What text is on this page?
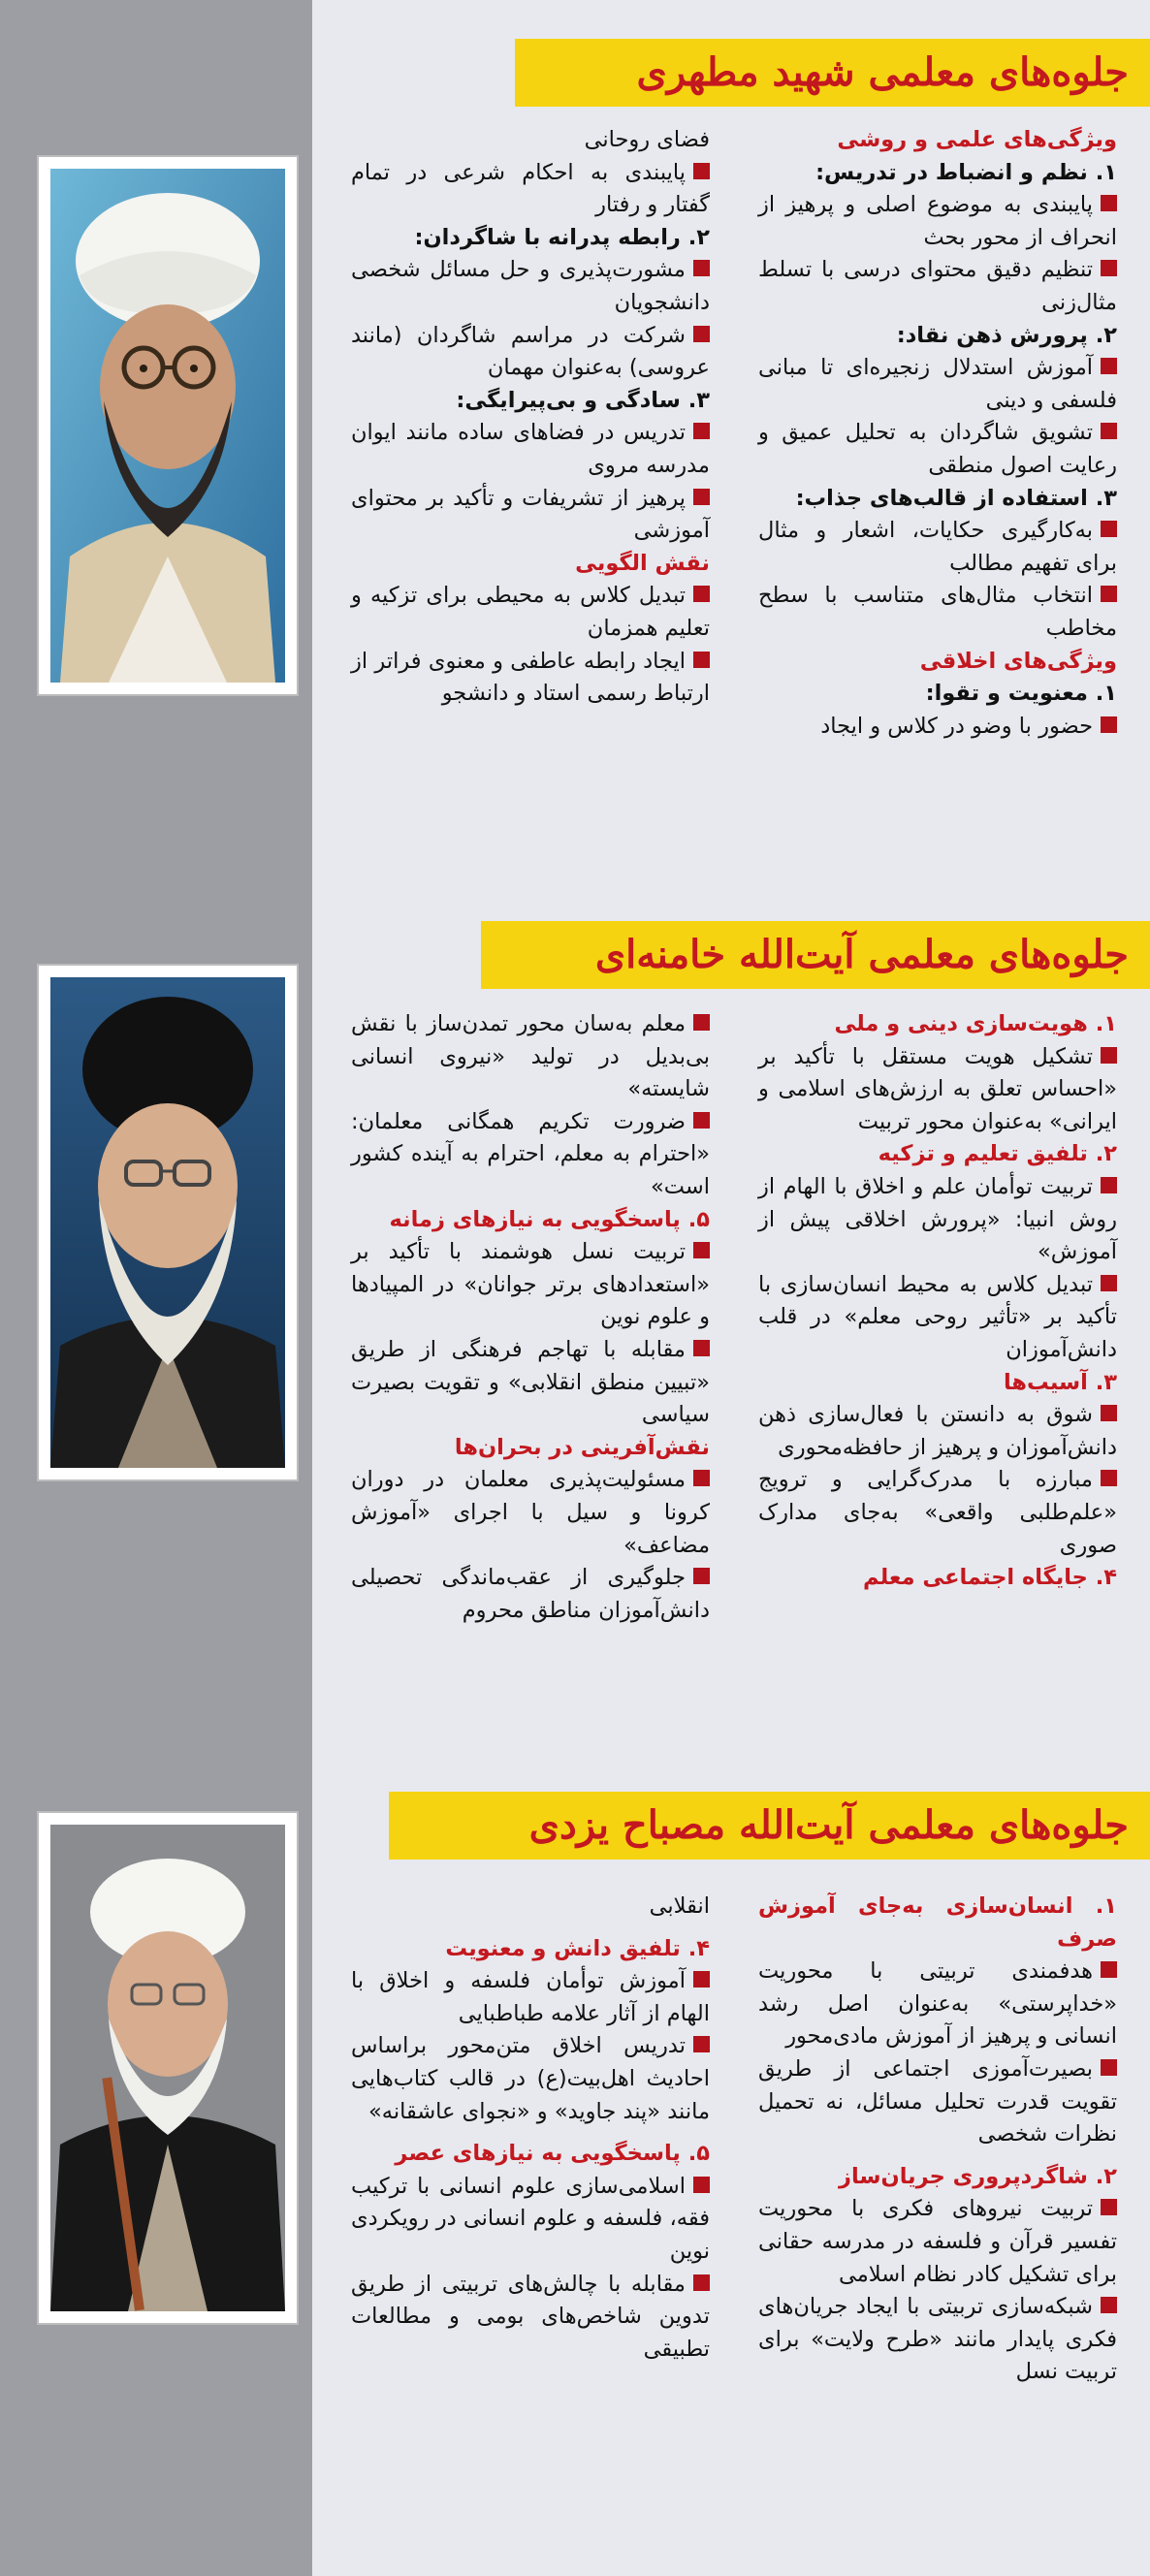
جلوه‌های معلمی شهید مطهری

ویژگی‌های علمی و روشی

۱. نظم و انضباط در تدریس:

پایبندی به موضوع اصلی و پرهیز از انحراف از محور بحث

تنظیم دقیق محتوای درسی با تسلط مثال‌زنی

۲. پرورش ذهن نقاد:

آموزش استدلال زنجیره‌ای تا مبانی فلسفی و دینی

تشویق شاگردان به تحلیل عمیق و رعایت اصول منطقی

۳. استفاده از قالب‌های جذاب:

به‌کارگیری حکایات، اشعار و مثال برای تفهیم مطالب

انتخاب مثال‌های متناسب با سطح مخاطب

ویژگی‌های اخلاقی

۱. معنویت و تقوا:

حضور با وضو در کلاس و ایجاد

فضای روحانی

پایبندی به احکام شرعی در تمام گفتار و رفتار

۲. رابطه پدرانه با شاگردان:

مشورت‌پذیری و حل مسائل شخصی دانشجویان

شرکت در مراسم شاگردان (مانند عروسی) به‌عنوان مهمان

۳. سادگی و بی‌پیرایگی:

تدریس در فضاهای ساده مانند ایوان مدرسه مروی

پرهیز از تشریفات و تأکید بر محتوای آموزشی

نقش الگویی

تبدیل کلاس به محیطی برای تزکیه و تعلیم همزمان

ایجاد رابطه عاطفی و معنوی فراتر از ارتباط رسمی استاد و دانشجو

جلوه‌های معلمی آیت‌الله خامنه‌ای

۱. هویت‌سازی دینی و ملی

تشکیل هویت مستقل با تأکید بر «احساس تعلق به ارزش‌های اسلامی و ایرانی» به‌عنوان محور تربیت

۲. تلفیق تعلیم و تزکیه

تربیت توأمان علم و اخلاق با الهام از روش انبیا: «پرورش اخلاقی پیش از آموزش»

تبدیل کلاس به محیط انسان‌سازی با تأکید بر «تأثیر روحی معلم» در قلب دانش‌آموزان

۳. آسیب‌ها

شوق به دانستن با فعال‌سازی ذهن دانش‌آموزان و پرهیز از حافظه‌محوری

مبارزه با مدرک‌گرایی و ترویج «علم‌طلبی واقعی» به‌جای مدارک صوری

۴. جایگاه اجتماعی معلم

معلم به‌سان محور تمدن‌ساز با نقش بی‌بدیل در تولید «نیروی انسانی شایسته»

ضرورت تکریم همگانی معلمان: «احترام به معلم، احترام به آینده کشور است»

۵. پاسخگویی به نیازهای زمانه

تربیت نسل هوشمند با تأکید بر «استعدادهای برتر جوانان» در المپیادها و علوم نوین

مقابله با تهاجم فرهنگی از طریق «تبیین منطق انقلابی» و تقویت بصیرت سیاسی

نقش‌آفرینی در بحران‌ها

مسئولیت‌پذیری معلمان در دوران کرونا و سیل با اجرای «آموزش مضاعف»

جلوگیری از عقب‌ماندگی تحصیلی دانش‌آموزان مناطق محروم

جلوه‌های معلمی آیت‌الله مصباح یزدی

۱. انسان‌سازی به‌جای آموزش صرف

هدفمندی تربیتی با محوریت «خداپرستی» به‌عنوان اصل رشد انسانی و پرهیز از آموزش مادی‌محور

بصیرت‌آموزی اجتماعی از طریق تقویت قدرت تحلیل مسائل، نه تحمیل نظرات شخصی

۲. شاگردپروری جریان‌ساز

تربیت نیروهای فکری با محوریت تفسیر قرآن و فلسفه در مدرسه حقانی برای تشکیل کادر نظام اسلامی

شبکه‌سازی تربیتی با ایجاد جریان‌های فکری پایدار مانند «طرح ولایت» برای تربیت نسل

انقلابی

۴. تلفیق دانش و معنویت

آموزش توأمان فلسفه و اخلاق با الهام از آثار علامه طباطبایی

تدریس اخلاق متن‌محور براساس احادیث اهل‌بیت(ع) در قالب کتاب‌هایی مانند «پند جاوید» و «نجوای عاشقانه»

۵. پاسخگویی به نیازهای عصر

اسلامی‌سازی علوم انسانی با ترکیب فقه، فلسفه و علوم انسانی در رویکردی نوین

مقابله با چالش‌های تربیتی از طریق تدوین شاخص‌های بومی و مطالعات تطبیقی
